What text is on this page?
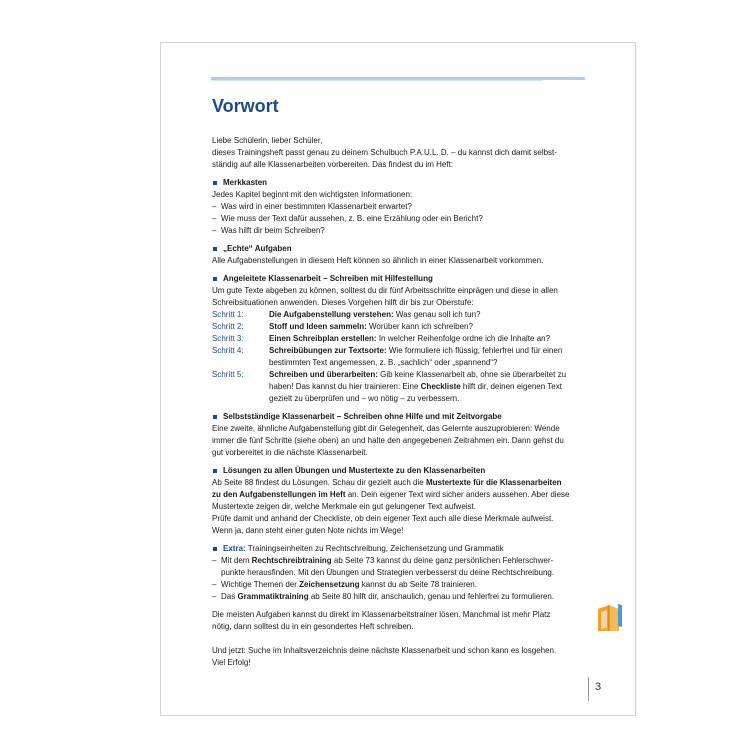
Vorwort

Liebe Schülerin, lieber Schüler,

dieses Trainingsheft passt genau zu deinem Schulbuch P.A.U.L. D. – du kannst dich damit selbst-

ständig auf alle Klassenarbeiten vorbereiten. Das findest du im Heft:

Merkkasten

Jedes Kapitel beginnt mit den wichtigsten Informationen:

– Was wird in einer bestimmten Klassenarbeit erwartet?

– Wie muss der Text dafür aussehen, z. B. eine Erzählung oder ein Bericht?

– Was hilft dir beim Schreiben?

„Echte“ Aufgaben

Alle Aufgabenstellungen in diesem Heft können so ähnlich in einer Klassenarbeit vorkommen.

Angeleitete Klassenarbeit – Schreiben mit Hilfestellung

Um gute Texte abgeben zu können, solltest du dir fünf Arbeitsschritte einprägen und diese in allen

Schreibsituationen anwenden. Dieses Vorgehen hilft dir bis zur Oberstufe:

Schritt 1:	Die Aufgabenstellung verstehen: Was genau soll ich tun?
Schritt 2:	Stoff und Ideen sammeln: Worüber kann ich schreiben?
Schritt 3:	Einen Schreibplan erstellen: In welcher Reihenfolge ordne ich die Inhalte an?
Schritt 4:	Schreibübungen zur Textsorte: Wie formuliere ich flüssig, fehlerfrei und für einen
bestimmten Text angemessen, z. B. „sachlich“ oder „spannend“?
Schritt 5:	Schreiben und überarbeiten: Gib keine Klassenarbeit ab, ohne sie überarbeitet zu
haben! Das kannst du hier trainieren: Eine Checkliste hilft dir, deinen eigenen Text
gezielt zu überprüfen und – wo nötig – zu verbessern.

Selbstständige Klassenarbeit – Schreiben ohne Hilfe und mit Zeitvorgabe

Eine zweite, ähnliche Aufgabenstellung gibt dir Gelegenheit, das Gelernte auszuprobieren: Wende

immer die fünf Schritte (siehe oben) an und halte den angegebenen Zeitrahmen ein. Dann gehst du

gut vorbereitet in die nächste Klassenarbeit.

Lösungen zu allen Übungen und Mustertexte zu den Klassenarbeiten

Ab Seite 88 findest du Lösungen. Schau dir gezielt auch die Mustertexte für die Klassenarbeiten

zu den Aufgabenstellungen im Heft an. Dein eigener Text wird sicher anders aussehen. Aber diese

Mustertexte zeigen dir, welche Merkmale ein gut gelungener Text aufweist.

Prüfe damit und anhand der Checkliste, ob dein eigener Text auch alle diese Merkmale aufweist.

Wenn ja, dann steht einer guten Note nichts im Wege!

Extra: Trainingseinheiten zu Rechtschreibung, Zeichensetzung und Grammatik

– Mit dem Rechtschreibtraining ab Seite 73 kannst du deine ganz persönlichen Fehlerschwer-
punkte herausfinden. Mit den Übungen und Strategien verbesserst du deine Rechtschreibung.

– Wichtige Themen der Zeichensetzung kannst du ab Seite 78 trainieren.

– Das Grammatiktraining ab Seite 80 hilft dir, anschaulich, genau und fehlerfrei zu formulieren.

Die meisten Aufgaben kannst du direkt im Klassenarbeitstrainer lösen. Manchmal ist mehr Platz

nötig, dann solltest du in ein gesondertes Heft schreiben.

Und jetzt: Suche im Inhaltsverzeichnis deine nächste Klassenarbeit und schon kann es losgehen.

Viel Erfolg!

3
